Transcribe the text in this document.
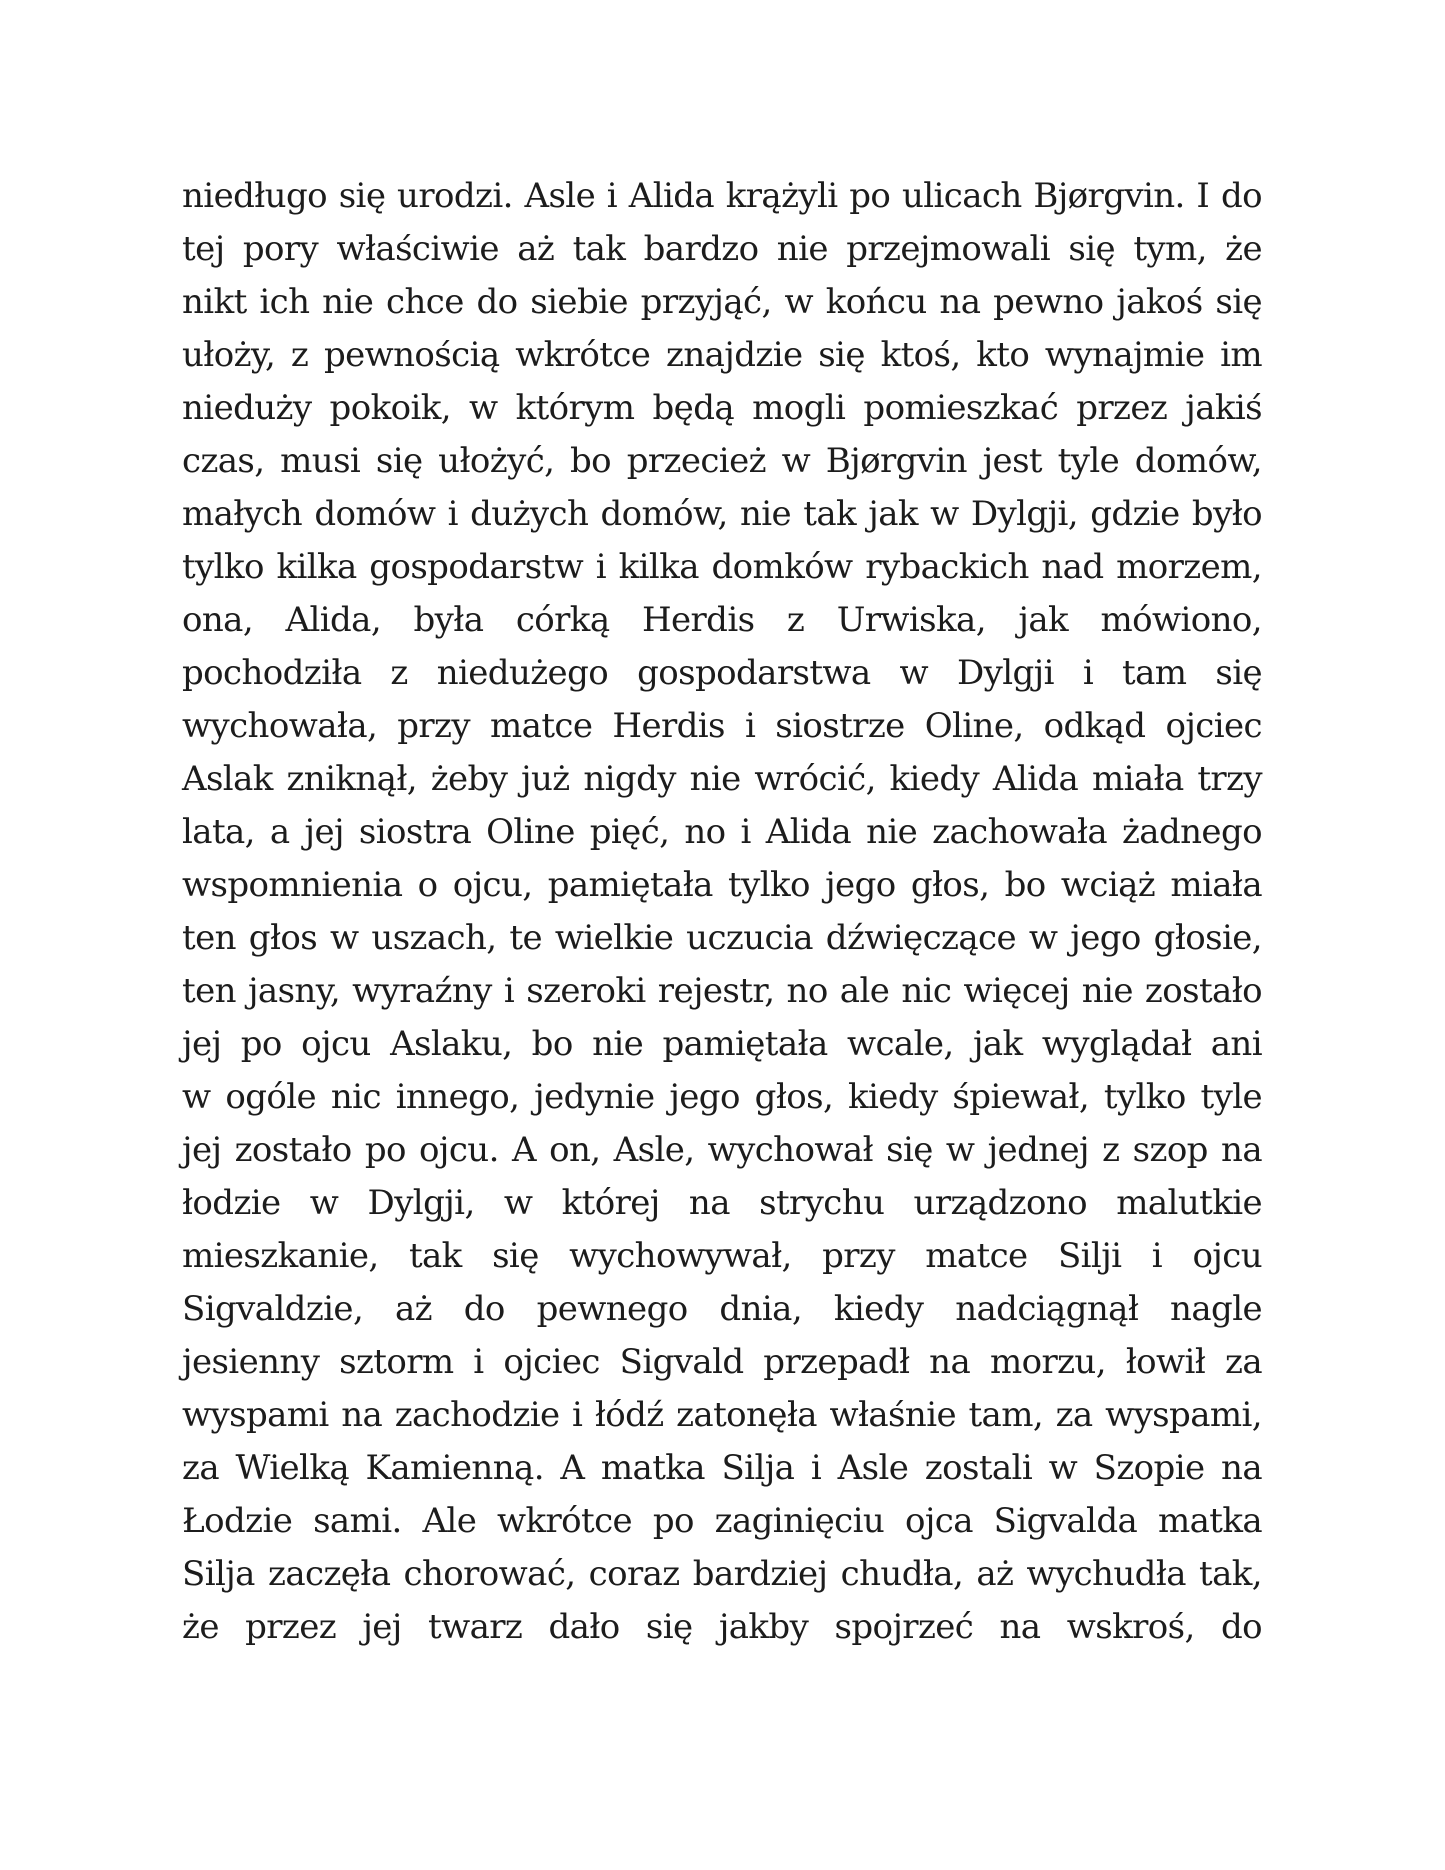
niedługo się urodzi. Asle i Alida krążyli po ulicach Bjørgvin. I do
tej pory właściwie aż tak bardzo nie przejmowali się tym, że
nikt ich nie chce do siebie przyjąć, w końcu na pewno jakoś się
ułoży, z pewnością wkrótce znajdzie się ktoś, kto wynajmie im
nieduży pokoik, w którym będą mogli pomieszkać przez jakiś
czas, musi się ułożyć, bo przecież w Bjørgvin jest tyle domów,
małych domów i dużych domów, nie tak jak w Dylgji, gdzie było
tylko kilka gospodarstw i kilka domków rybackich nad morzem,
ona, Alida, była córką Herdis z Urwiska, jak mówiono,
pochodziła z niedużego gospodarstwa w Dylgji i tam się
wychowała, przy matce Herdis i siostrze Oline, odkąd ojciec
Aslak zniknął, żeby już nigdy nie wrócić, kiedy Alida miała trzy
lata, a jej siostra Oline pięć, no i Alida nie zachowała żadnego
wspomnienia o ojcu, pamiętała tylko jego głos, bo wciąż miała
ten głos w uszach, te wielkie uczucia dźwięczące w jego głosie,
ten jasny, wyraźny i szeroki rejestr, no ale nic więcej nie zostało
jej po ojcu Aslaku, bo nie pamiętała wcale, jak wyglądał ani
w ogóle nic innego, jedynie jego głos, kiedy śpiewał, tylko tyle
jej zostało po ojcu. A on, Asle, wychował się w jednej z szop na
łodzie w Dylgji, w której na strychu urządzono malutkie
mieszkanie, tak się wychowywał, przy matce Silji i ojcu
Sigvaldzie, aż do pewnego dnia, kiedy nadciągnął nagle
jesienny sztorm i ojciec Sigvald przepadł na morzu, łowił za
wyspami na zachodzie i łódź zatonęła właśnie tam, za wyspami,
za Wielką Kamienną. A matka Silja i Asle zostali w Szopie na
Łodzie sami. Ale wkrótce po zaginięciu ojca Sigvalda matka
Silja zaczęła chorować, coraz bardziej chudła, aż wychudła tak,
że przez jej twarz dało się jakby spojrzeć na wskroś, do
